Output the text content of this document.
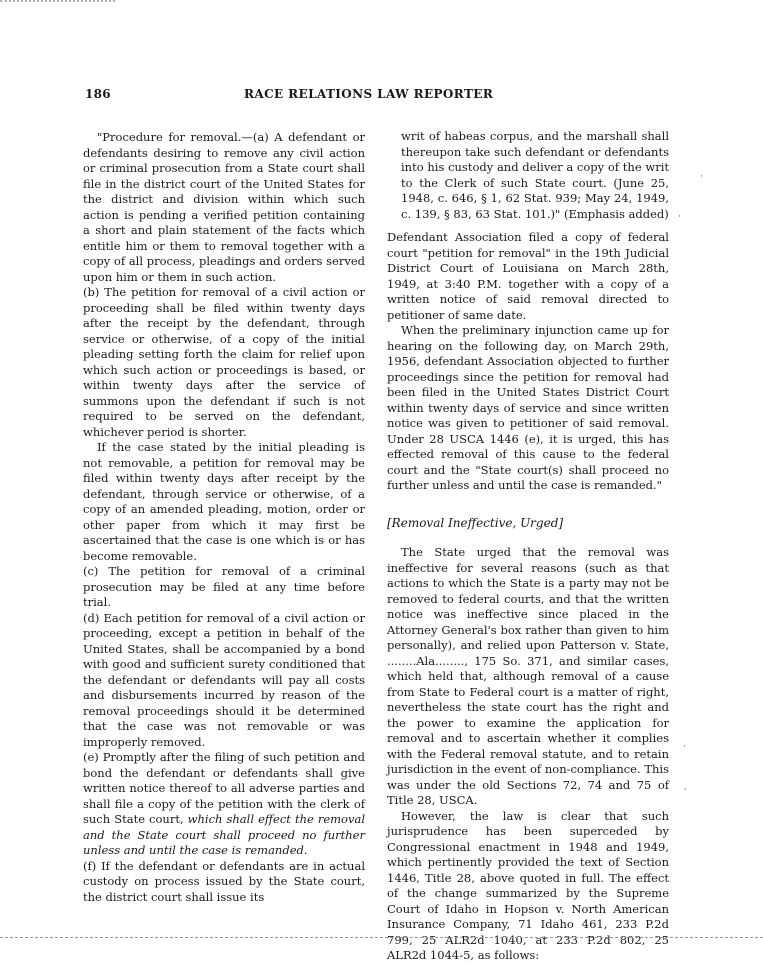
186	RACE RELATIONS LAW REPORTER

"Procedure for removal.—(a) A defendant or defendants desiring to remove any civil action or criminal prosecution from a State court shall file in the district court of the United States for the district and division within which such action is pending a verified petition containing a short and plain statement of the facts which entitle him or them to removal together with a copy of all process, pleadings and orders served upon him or them in such action.

(b) The petition for removal of a civil action or proceeding shall be filed within twenty days after the receipt by the defendant, through service or otherwise, of a copy of the initial pleading setting forth the claim for relief upon which such action or proceedings is based, or within twenty days after the service of summons upon the defendant if such is not required to be served on the defendant, whichever period is shorter.

If the case stated by the initial pleading is not removable, a petition for removal may be filed within twenty days after receipt by the defendant, through service or otherwise, of a copy of an amended pleading, motion, order or other paper from which it may first be ascertained that the case is one which is or has become removable.

(c) The petition for removal of a criminal prosecution may be filed at any time before trial.

(d) Each petition for removal of a civil action or proceeding, except a petition in behalf of the United States, shall be accompanied by a bond with good and sufficient surety conditioned that the defendant or defendants will pay all costs and disbursements incurred by reason of the removal proceedings should it be determined that the case was not removable or was improperly removed.

(e) Promptly after the filing of such petition and bond the defendant or defendants shall give written notice thereof to all adverse parties and shall file a copy of the petition with the clerk of such State court, which shall effect the removal and the State court shall proceed no further unless and until the case is remanded.

(f) If the defendant or defendants are in actual custody on process issued by the State court, the district court shall issue its

writ of habeas corpus, and the marshall shall thereupon take such defendant or defendants into his custody and deliver a copy of the writ to the Clerk of such State court. (June 25, 1948, c. 646, § 1, 62 Stat. 939; May 24, 1949, c. 139, § 83, 63 Stat. 101.)" (Emphasis added)

Defendant Association filed a copy of federal court "petition for removal" in the 19th Judicial District Court of Louisiana on March 28th, 1949, at 3:40 P.M. together with a copy of a written notice of said removal directed to petitioner of same date.

When the preliminary injunction came up for hearing on the following day, on March 29th, 1956, defendant Association objected to further proceedings since the petition for removal had been filed in the United States District Court within twenty days of service and since written notice was given to petitioner of said removal. Under 28 USCA 1446 (e), it is urged, this has effected removal of this cause to the federal court and the "State court(s) shall proceed no further unless and until the case is remanded."

[Removal Ineffective, Urged]

The State urged that the removal was ineffective for several reasons (such as that actions to which the State is a party may not be removed to federal courts, and that the written notice was ineffective since placed in the Attorney General's box rather than given to him personally), and relied upon Patterson v. State, ........Ala........, 175 So. 371, and similar cases, which held that, although removal of a cause from State to Federal court is a matter of right, nevertheless the state court has the right and the power to examine the application for removal and to ascertain whether it complies with the Federal removal statute, and to retain jurisdiction in the event of non-compliance. This was under the old Sections 72, 74 and 75 of Title 28, USCA.

However, the law is clear that such jurisprudence has been superceded by Congressional enactment in 1948 and 1949, which pertinently provided the text of Section 1446, Title 28, above quoted in full. The effect of the change summarized by the Supreme Court of Idaho in Hopson v. North American Insurance Company, 71 Idaho 461, 233 P.2d 799, 25 ALR2d 1040, at 233 P.2d 802, 25 ALR2d 1044-5, as follows:

·
·
·
·
